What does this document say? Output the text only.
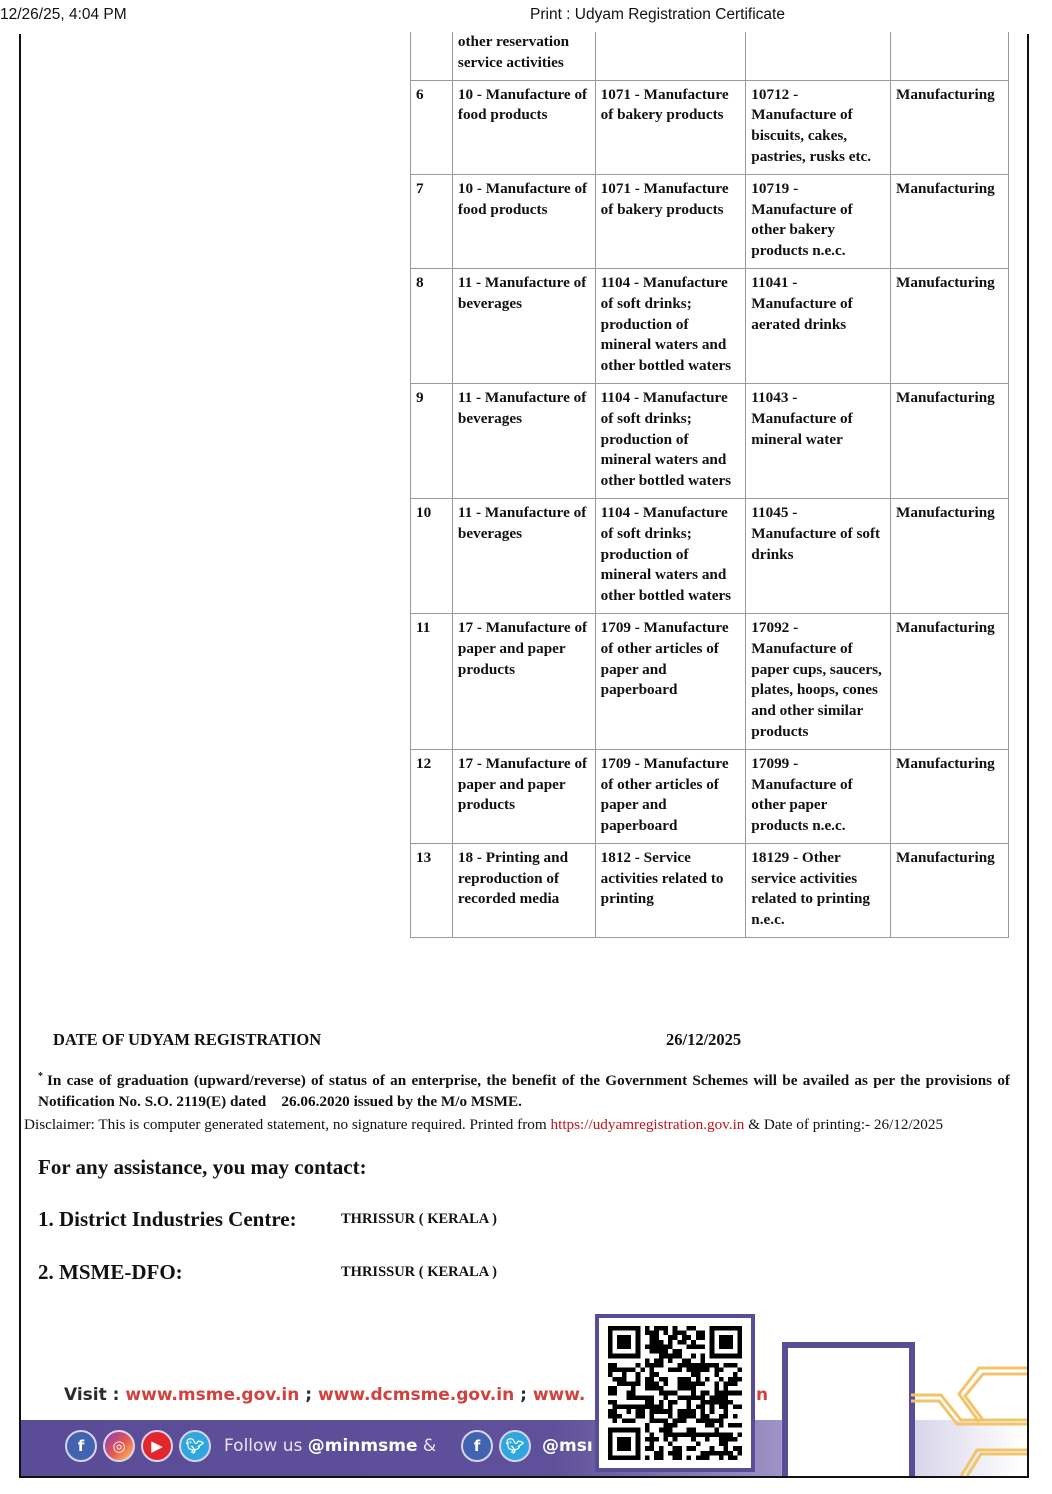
12/26/25, 4:04 PM	Print : Udyam Registration Certificate
	other reservation service activities			
6	10 - Manufacture of food products	1071 - Manufacture of bakery products	10712 - Manufacture of biscuits, cakes, pastries, rusks etc.	Manufacturing
7	10 - Manufacture of food products	1071 - Manufacture of bakery products	10719 - Manufacture of other bakery products n.e.c.	Manufacturing
8	11 - Manufacture of beverages	1104 - Manufacture of soft drinks; production of mineral waters and other bottled waters	11041 - Manufacture of aerated drinks	Manufacturing
9	11 - Manufacture of beverages	1104 - Manufacture of soft drinks; production of mineral waters and other bottled waters	11043 - Manufacture of mineral water	Manufacturing
10	11 - Manufacture of beverages	1104 - Manufacture of soft drinks; production of mineral waters and other bottled waters	11045 - Manufacture of soft drinks	Manufacturing
11	17 - Manufacture of paper and paper products	1709 - Manufacture of other articles of paper and paperboard	17092 - Manufacture of paper cups, saucers, plates, hoops, cones and other similar products	Manufacturing
12	17 - Manufacture of paper and paper products	1709 - Manufacture of other articles of paper and paperboard	17099 - Manufacture of other paper products n.e.c.	Manufacturing
13	18 - Printing and reproduction of recorded media	1812 - Service activities related to printing	18129 - Other service activities related to printing n.e.c.	Manufacturing
DATE OF UDYAM REGISTRATION	26/12/2025
* In case of graduation (upward/reverse) of status of an enterprise, the benefit of the Government Schemes will be availed as per the provisions of Notification No. S.O. 2119(E) dated    26.06.2020 issued by the M/o MSME.
Disclaimer: This is computer generated statement, no signature required. Printed from https://udyamregistration.gov.in & Date of printing:- 26/12/2025
For any assistance, you may contact:
1. District Industries Centre:	THRISSUR ( KERALA )
2. MSME-DFO:	THRISSUR ( KERALA )
Visit : www.msme.gov.in ; www.dcmsme.gov.in ; www.	n
f	◎	▶	🐦︎	Follow us @minmsme &	f	🐦︎	@msı
